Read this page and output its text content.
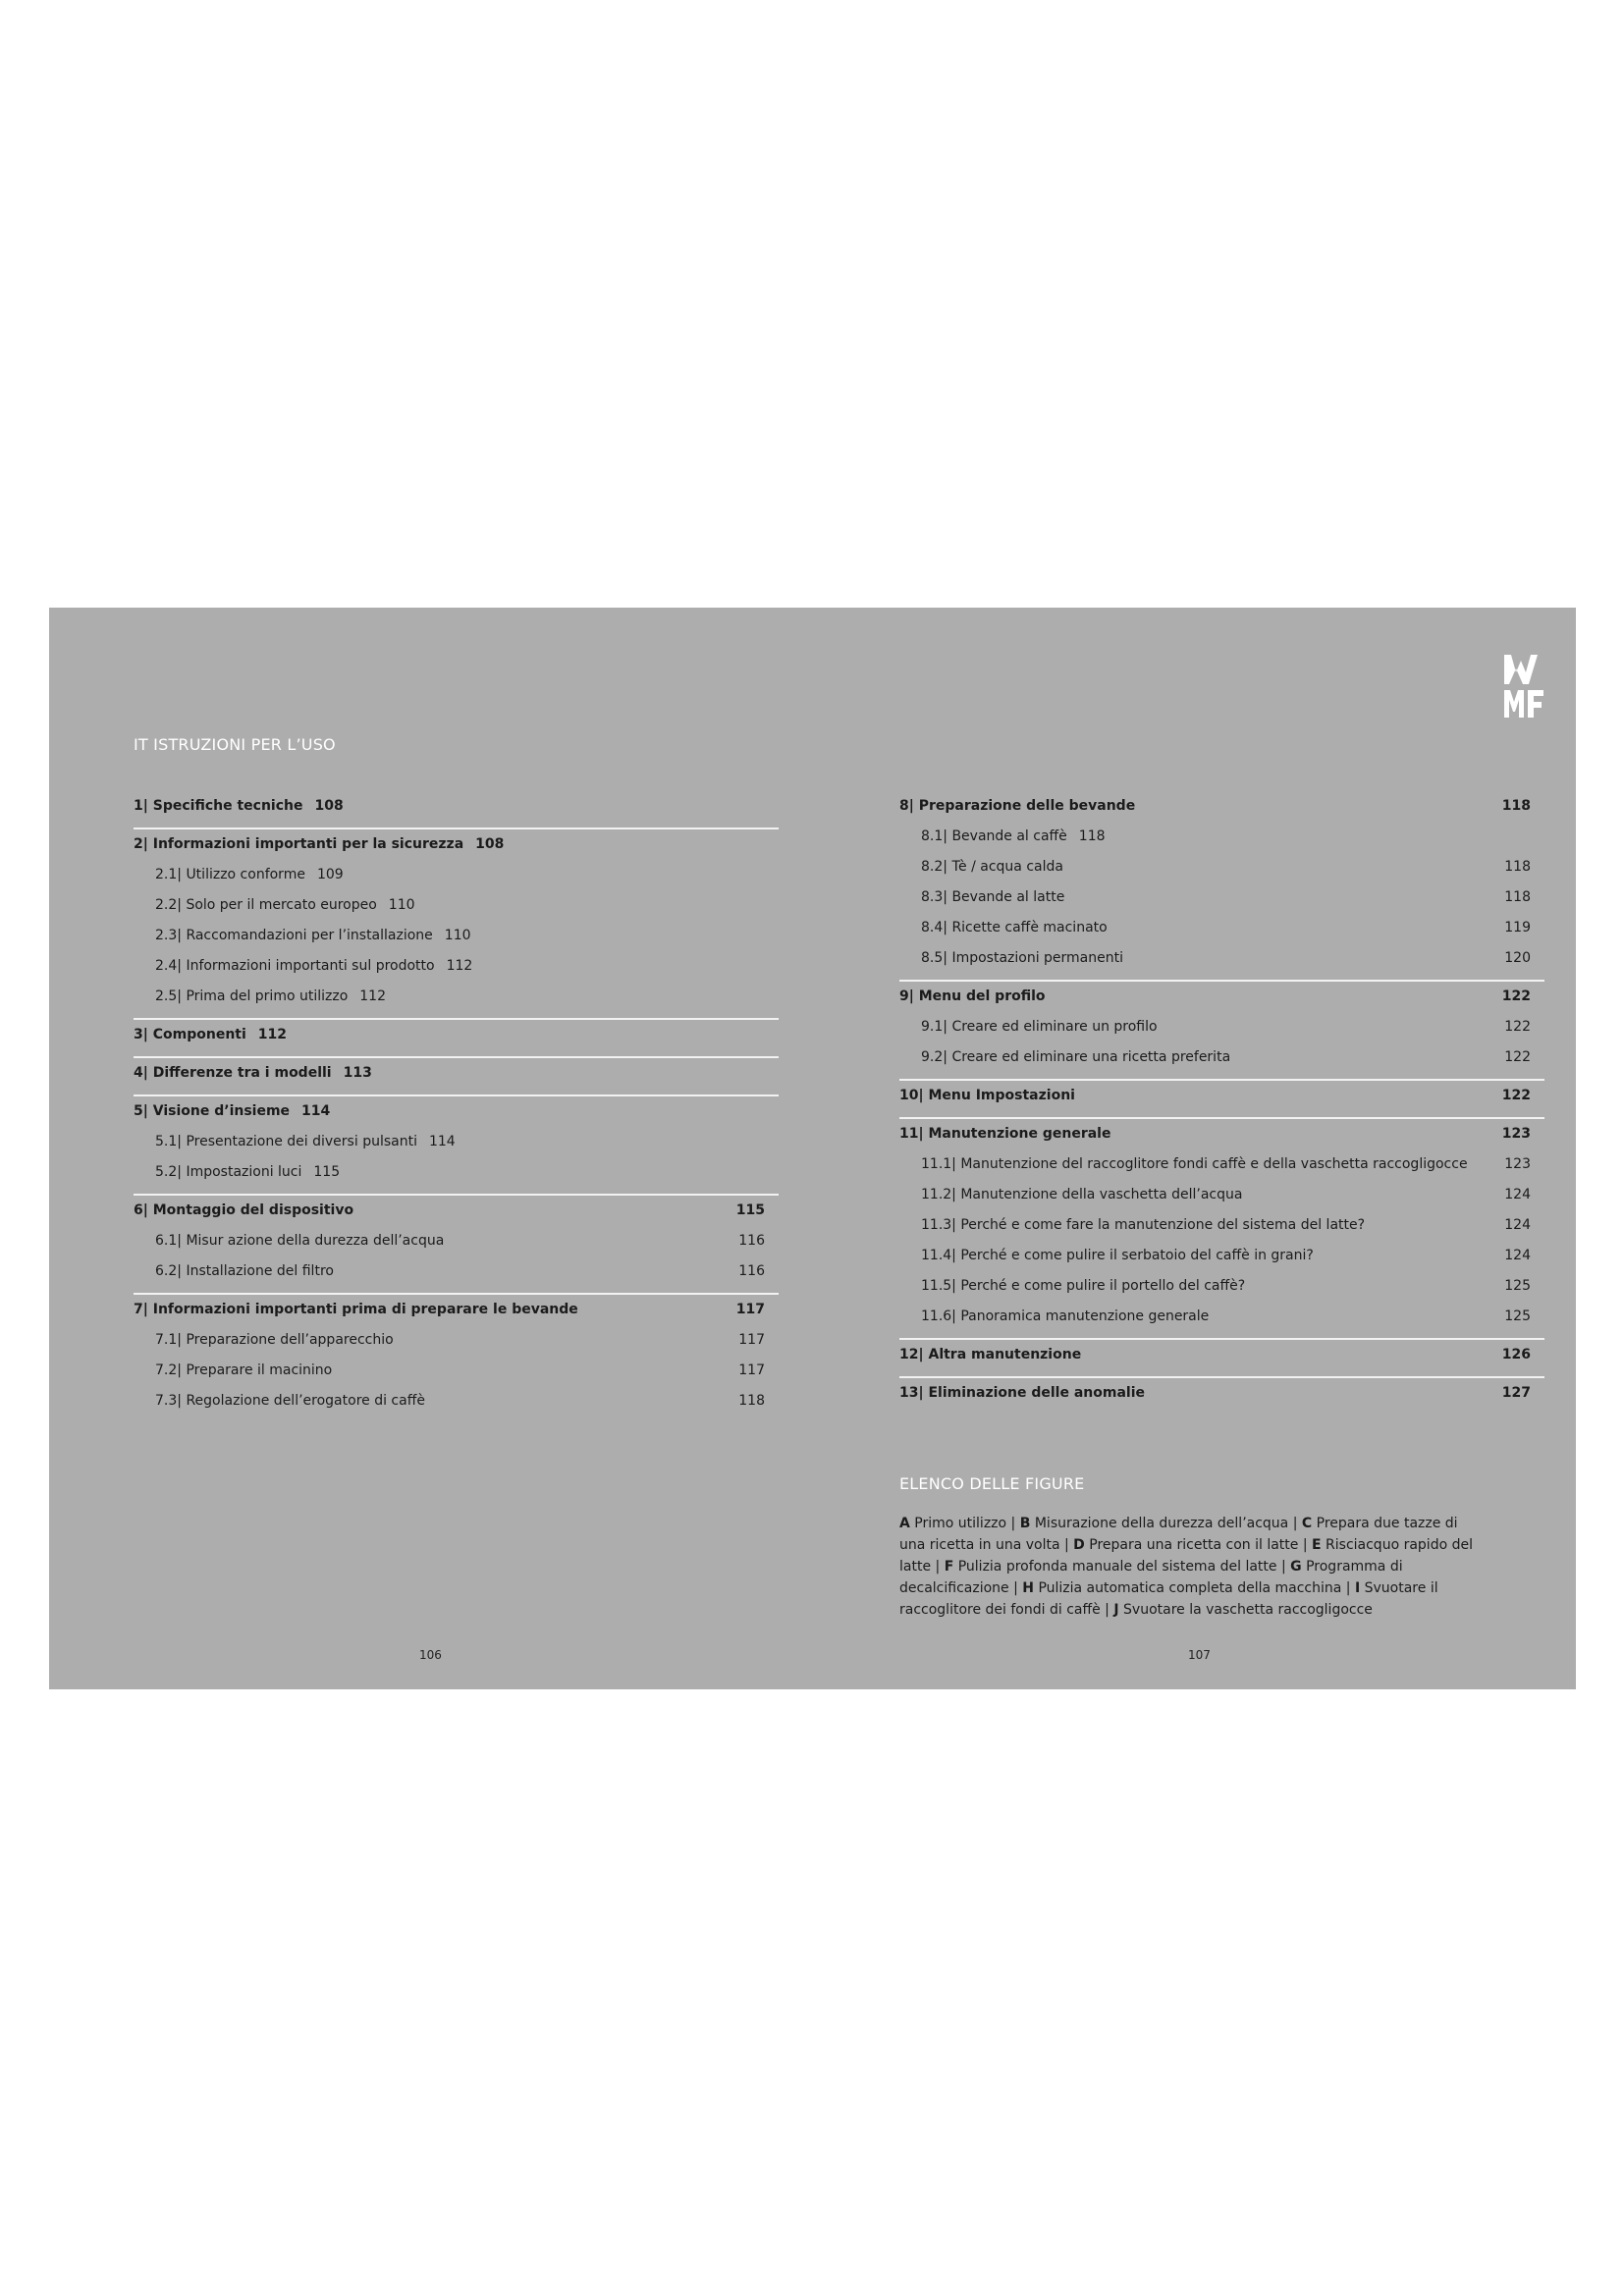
IT ISTRUZIONI PER L’USO
1| Specifiche tecniche 108
2| Informazioni importanti per la sicurezza 108
2.1| Utilizzo conforme 109
2.2| Solo per il mercato europeo 110
2.3| Raccomandazioni per l’installazione 110
2.4| Informazioni importanti sul prodotto 112
2.5| Prima del primo utilizzo 112
3| Componenti 112
4| Differenze tra i modelli 113
5| Visione d’insieme 114
5.1| Presentazione dei diversi pulsanti 114
5.2| Impostazioni luci 115
6| Montaggio del dispositivo	115
6.1| Misur azione della durezza dell’acqua	116
6.2| Installazione del filtro	116
7| Informazioni importanti prima di preparare le bevande	117
7.1| Preparazione dell’apparecchio	117
7.2| Preparare il macinino	117
7.3| Regolazione dell’erogatore di caffè	118
8| Preparazione delle bevande	118
8.1| Bevande al caffè 118
8.2| Tè / acqua calda	118
8.3| Bevande al latte	118
8.4| Ricette caffè macinato	119
8.5| Impostazioni permanenti	120
9| Menu del profilo	122
9.1| Creare ed eliminare un profilo	122
9.2| Creare ed eliminare una ricetta preferita	122
10| Menu Impostazioni	122
11| Manutenzione generale	123
11.1| Manutenzione del raccoglitore fondi caffè e della vaschetta raccogligocce	123
11.2| Manutenzione della vaschetta dell’acqua	124
11.3| Perché e come fare la manutenzione del sistema del latte?	124
11.4| Perché e come pulire il serbatoio del caffè in grani?	124
11.5| Perché e come pulire il portello del caffè?	125
11.6| Panoramica manutenzione generale	125
12| Altra manutenzione	126
13| Eliminazione delle anomalie	127
ELENCO DELLE FIGURE
A Primo utilizzo | B Misurazione della durezza dell’acqua | C Prepara due tazze di una ricetta in una volta | D Prepara una ricetta con il latte | E Risciacquo rapido del latte | F Pulizia profonda manuale del sistema del latte | G Programma di decalcificazione | H Pulizia automatica completa della macchina | I Svuotare il raccoglitore dei fondi di caffè | J Svuotare la vaschetta raccogligocce
106	107
